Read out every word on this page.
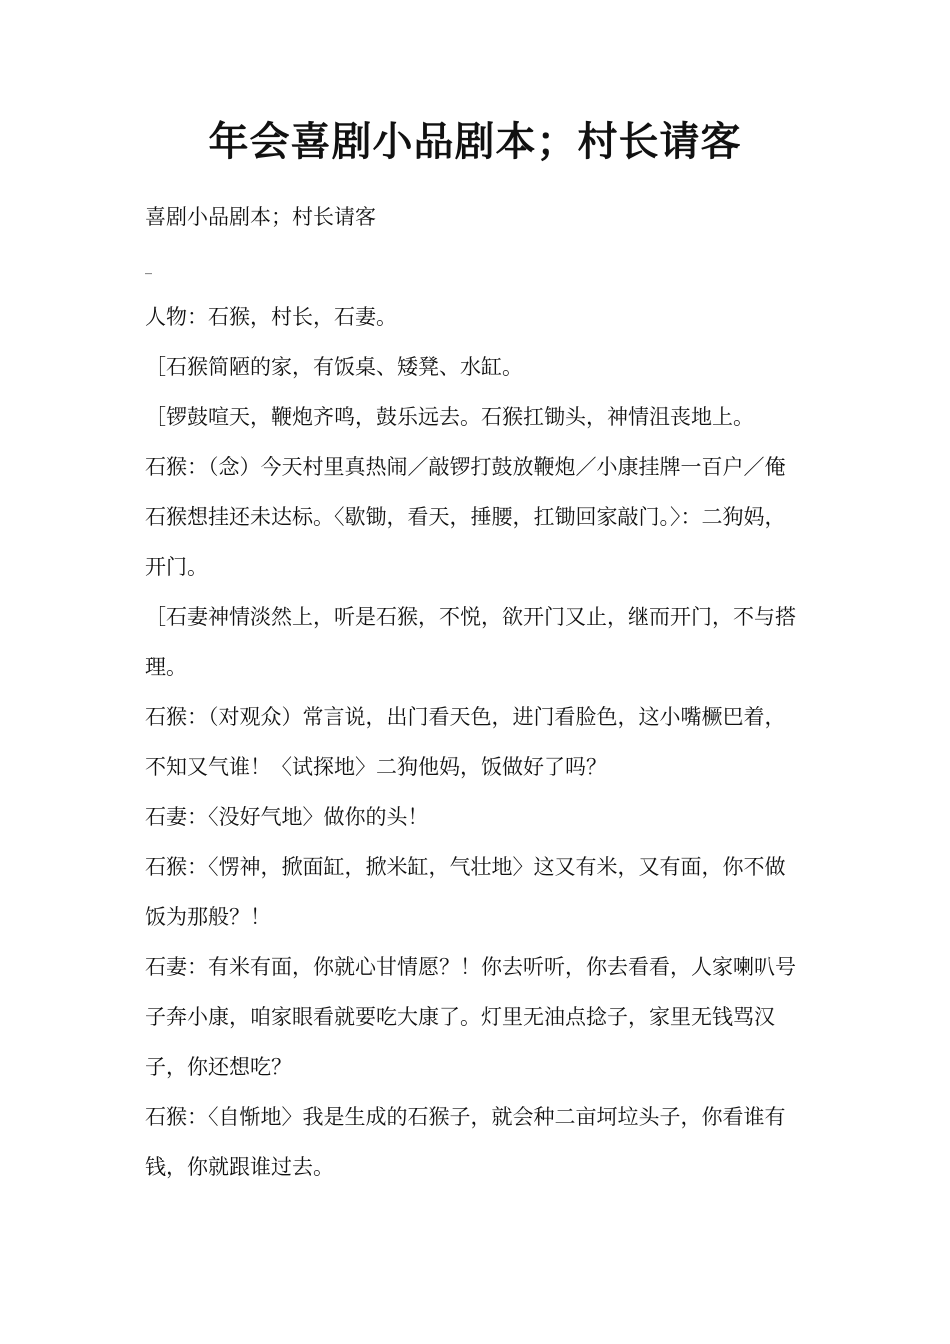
年会喜剧小品剧本；村长请客

喜剧小品剧本；村长请客

_

人物：石猴，村长，石妻。

［石猴简陋的家，有饭桌、矮凳、水缸。

［锣鼓喧天，鞭炮齐鸣，鼓乐远去。石猴扛锄头，神情沮丧地上。

石猴：（念）今天村里真热闹／敲锣打鼓放鞭炮／小康挂牌一百户／俺石猴想挂还未达标。〈歇锄，看天，捶腰，扛锄回家敲门。〉：二狗妈，开门。

［石妻神情淡然上，听是石猴，不悦，欲开门又止，继而开门，不与搭理。

石猴：（对观众）常言说，出门看天色，进门看脸色，这小嘴橛巴着，不知又气谁！〈试探地〉二狗他妈，饭做好了吗？

石妻：〈没好气地〉做你的头！

石猴：〈愣神，掀面缸，掀米缸，气壮地〉这又有米，又有面，你不做饭为那般？！

石妻：有米有面，你就心甘情愿？！你去听听，你去看看，人家喇叭号子奔小康，咱家眼看就要吃大康了。灯里无油点捻子，家里无钱骂汉子，你还想吃？

石猴：〈自惭地〉我是生成的石猴子，就会种二亩坷垃头子，你看谁有钱，你就跟谁过去。
